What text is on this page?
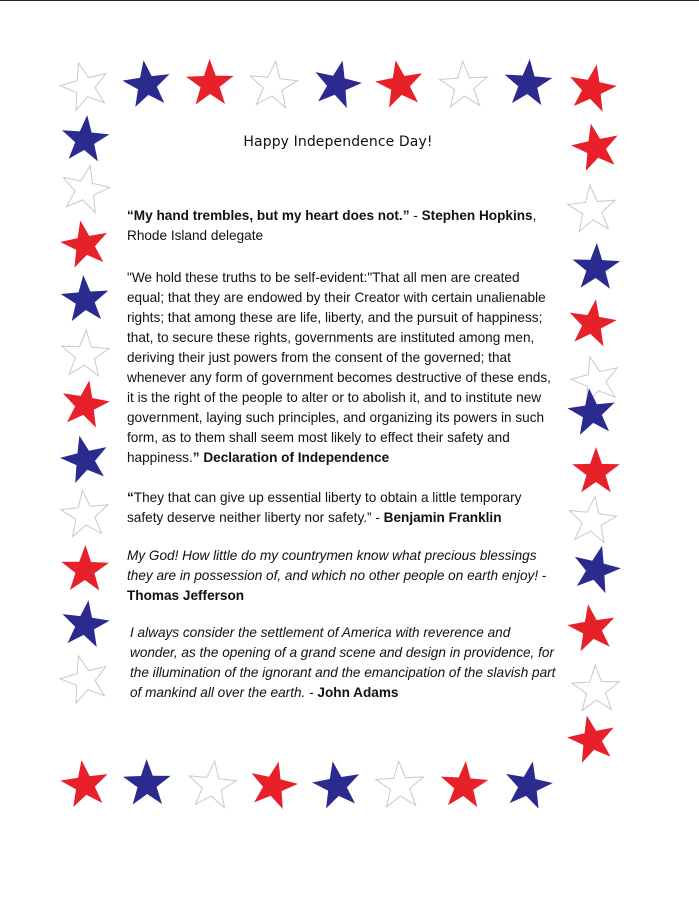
Happy Independence Day!

“My hand trembles, but my heart does not.” - Stephen Hopkins, Rhode Island delegate

"We hold these truths to be self-evident:"That all men are created equal; that they are endowed by their Creator with certain unalienable rights; that among these are life, liberty, and the pursuit of happiness; that, to secure these rights, governments are instituted among men, deriving their just powers from the consent of the governed; that whenever any form of government becomes destructive of these ends, it is the right of the people to alter or to abolish it, and to institute new government, laying such principles, and organizing its powers in such form, as to them shall seem most likely to effect their safety and happiness.” Declaration of Independence

“They that can give up essential liberty to obtain a little temporary safety deserve neither liberty nor safety.” - Benjamin Franklin

My God! How little do my countrymen know what precious blessings they are in possession of, and which no other people on earth enjoy! - Thomas Jefferson

I always consider the settlement of America with reverence and wonder, as the opening of a grand scene and design in providence, for the illumination of the ignorant and the emancipation of the slavish part of mankind all over the earth. - John Adams
